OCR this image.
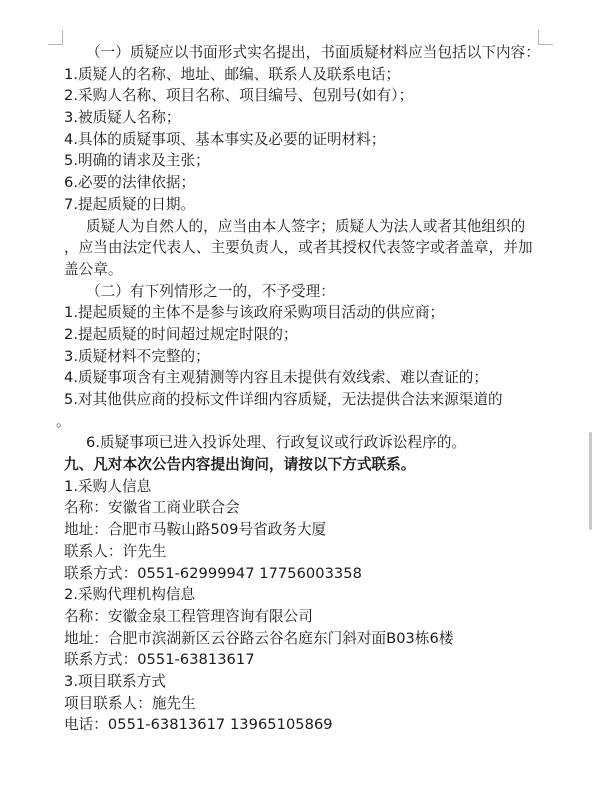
（一）质疑应以书面形式实名提出，书面质疑材料应当包括以下内容：
1.质疑人的名称、地址、邮编、联系人及联系电话；
2.采购人名称、项目名称、项目编号、包别号(如有）；
3.被质疑人名称；
4.具体的质疑事项、基本事实及必要的证明材料；
5.明确的请求及主张；
6.必要的法律依据；
7.提起质疑的日期。
质疑人为自然人的，应当由本人签字；质疑人为法人或者其他组织的
，应当由法定代表人、主要负责人，或者其授权代表签字或者盖章，并加
盖公章。
（二）有下列情形之一的，不予受理：
1.提起质疑的主体不是参与该政府采购项目活动的供应商；
2.提起质疑的时间超过规定时限的；
3.质疑材料不完整的；
4.质疑事项含有主观猜测等内容且未提供有效线索、难以查证的；
5.对其他供应商的投标文件详细内容质疑，无法提供合法来源渠道的
。
6.质疑事项已进入投诉处理、行政复议或行政诉讼程序的。
九、凡对本次公告内容提出询问，请按以下方式联系。
1.采购人信息
名称：安徽省工商业联合会
地址：合肥市马鞍山路509号省政务大厦
联系人：许先生
联系方式：0551-62999947 17756003358
2.采购代理机构信息
名称：安徽金泉工程管理咨询有限公司
地址：合肥市滨湖新区云谷路云谷名庭东门斜对面B03栋6楼
联系方式：0551-63813617
3.项目联系方式
项目联系人：施先生
电话：0551-63813617 13965105869
